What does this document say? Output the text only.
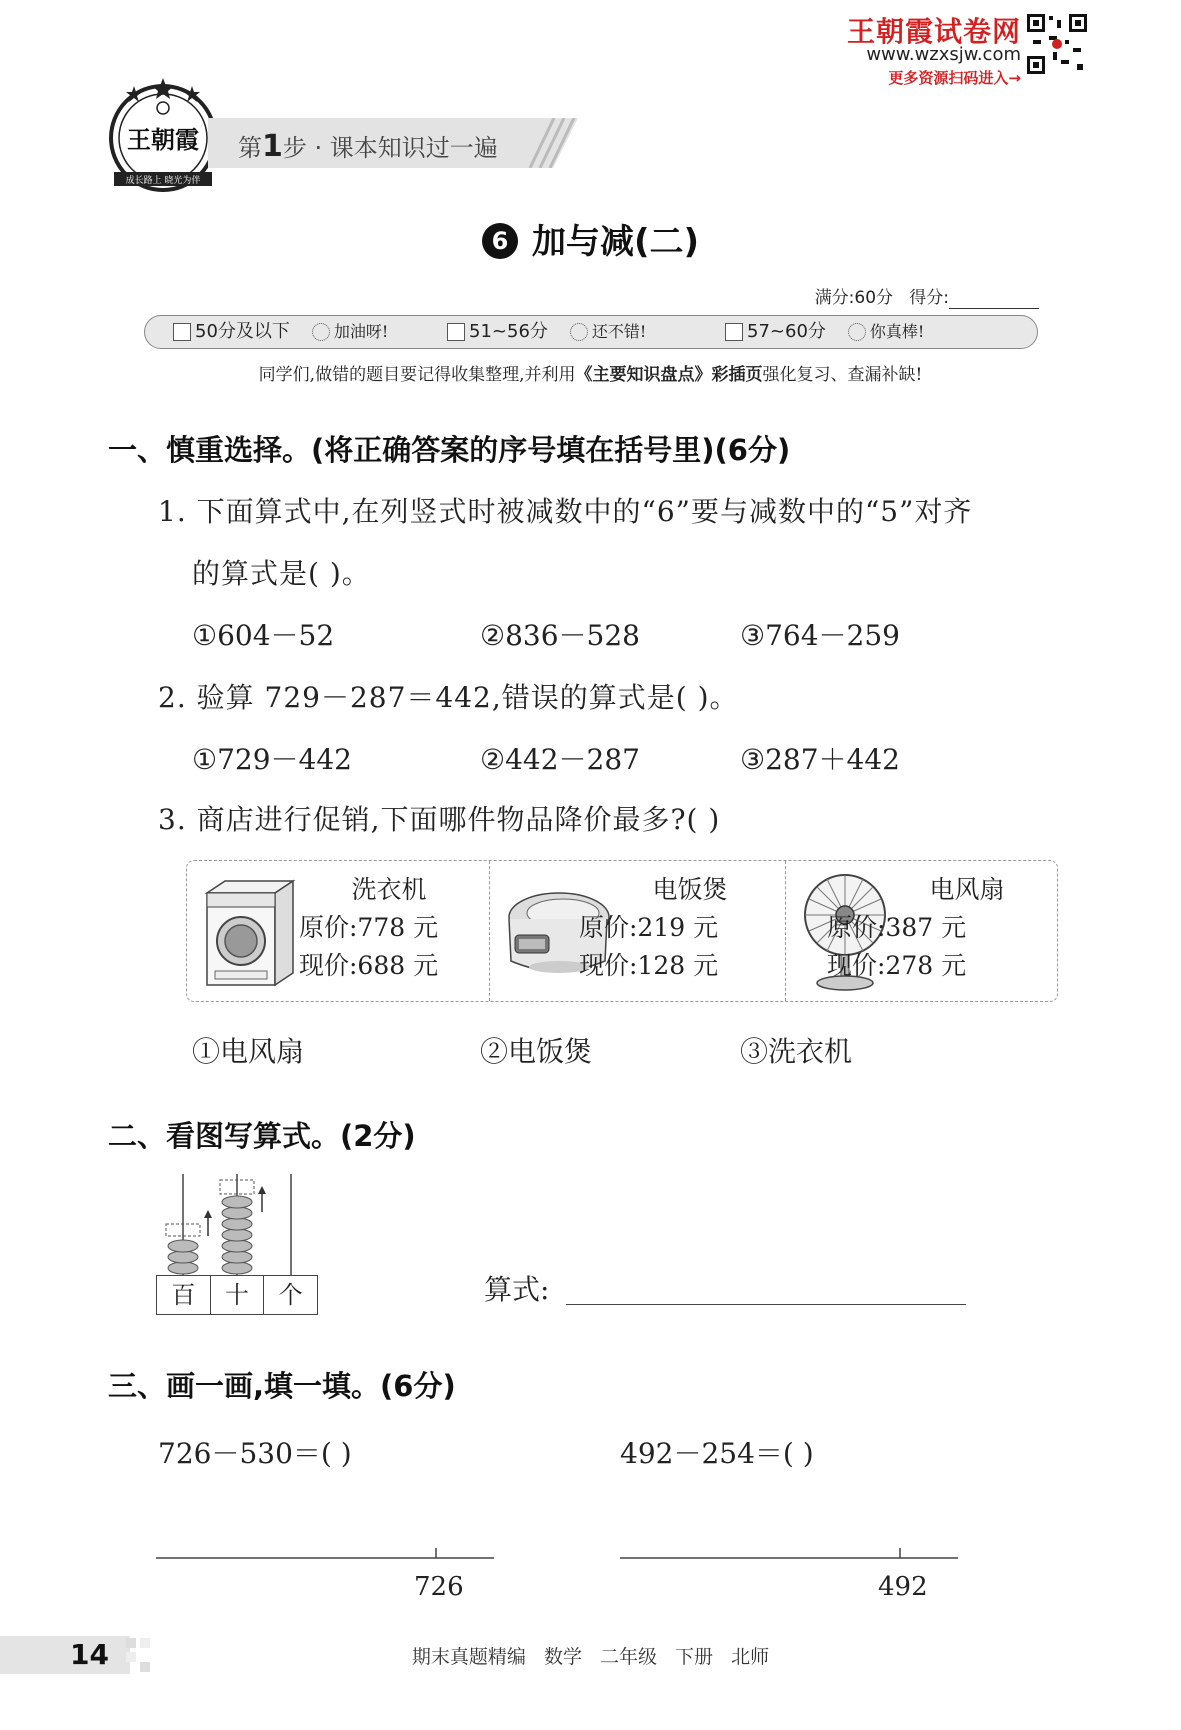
王朝霞试卷网
www.wzxsjw.com
更多资源扫码进入→
王朝霞
成长路上 晓光为伴
第1步 · 课本知识过一遍
6 加与减(二)
满分:60分 得分:
50分及以下	加油呀!	51~56分	还不错!	57~60分	你真棒!
同学们,做错的题目要记得收集整理,并利用《主要知识盘点》彩插页强化复习、查漏补缺!
一、慎重选择。(将正确答案的序号填在括号里)(6分)
1. 下面算式中,在列竖式时被减数中的“6”要与减数中的“5”对齐
的算式是( )。
①604－52	②836－528	③764－259
2. 验算 729－287＝442,错误的算式是( )。
①729－442	②442－287	③287＋442
3. 商店进行促销,下面哪件物品降价最多?( )
洗衣机
原价:778 元
现价:688 元
电饭煲
原价:219 元
现价:128 元
电风扇
原价:387 元
现价:278 元
①电风扇	②电饭煲	③洗衣机
二、看图写算式。(2分)
百	十	个	算式:
三、画一画,填一填。(6分)
726－530＝( )	492－254＝( )
726	492
14	期末真题精编 数学 二年级 下册 北师
